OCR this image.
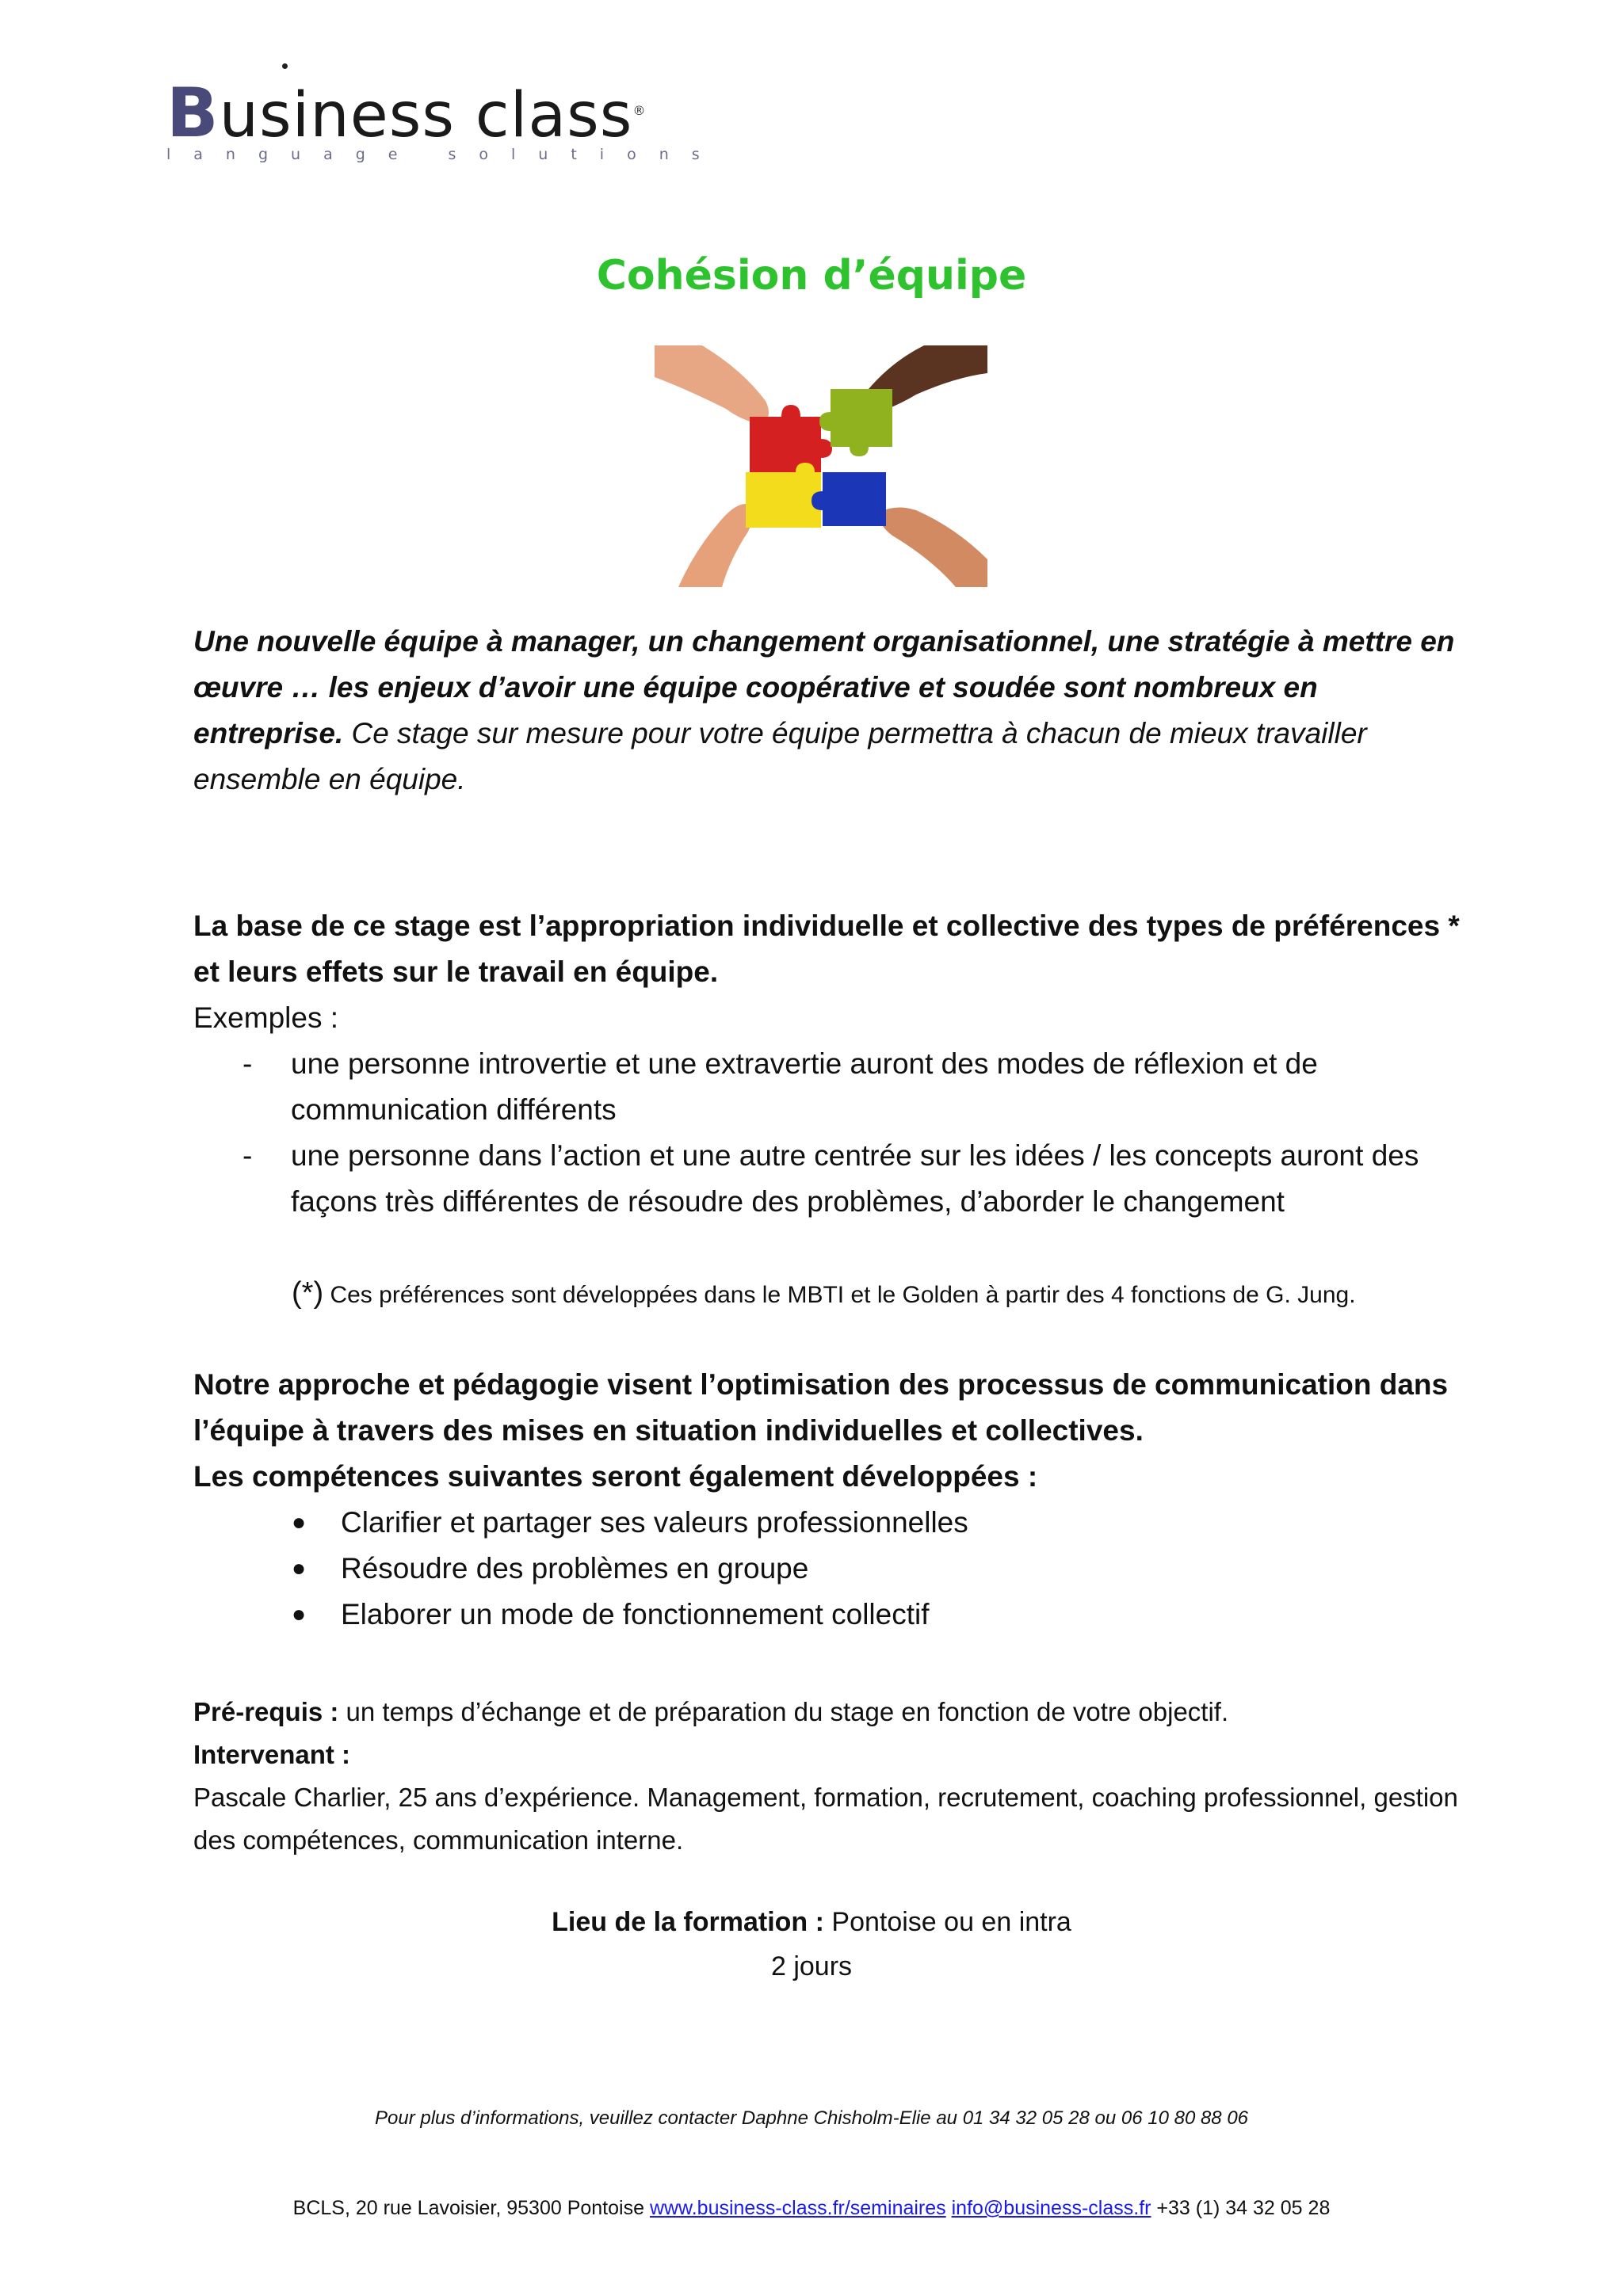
Business class®
language solutions
Cohésion d’équipe
Une nouvelle équipe à manager, un changement organisationnel, une stratégie à mettre en œuvre … les enjeux d’avoir une équipe coopérative et soudée sont nombreux en entreprise. Ce stage sur mesure pour votre équipe permettra à chacun de mieux travailler ensemble en équipe.
La base de ce stage est l’appropriation individuelle et collective des types de préférences * et leurs effets sur le travail en équipe.
Exemples :
- une personne introvertie et une extravertie auront des modes de réflexion et de communication différents
- une personne dans l’action et une autre centrée sur les idées / les concepts auront des façons très différentes de résoudre des problèmes, d’aborder le changement
(*) Ces préférences sont développées dans le MBTI et le Golden à partir des 4 fonctions de G. Jung.
Notre approche et pédagogie visent l’optimisation des processus de communication dans l’équipe à travers des mises en situation individuelles et collectives.
Les compétences suivantes seront également développées :
● Clarifier et partager ses valeurs professionnelles
● Résoudre des problèmes en groupe
● Elaborer un mode de fonctionnement collectif
Pré-requis : un temps d’échange et de préparation du stage en fonction de votre objectif.
Intervenant :
Pascale Charlier, 25 ans d’expérience. Management, formation, recrutement, coaching professionnel, gestion des compétences, communication interne.
Lieu de la formation : Pontoise ou en intra
2 jours
Pour plus d’informations, veuillez contacter Daphne Chisholm-Elie au 01 34 32 05 28 ou 06 10 80 88 06
BCLS, 20 rue Lavoisier, 95300 Pontoise www.business-class.fr/seminaires info@business-class.fr +33 (1) 34 32 05 28
